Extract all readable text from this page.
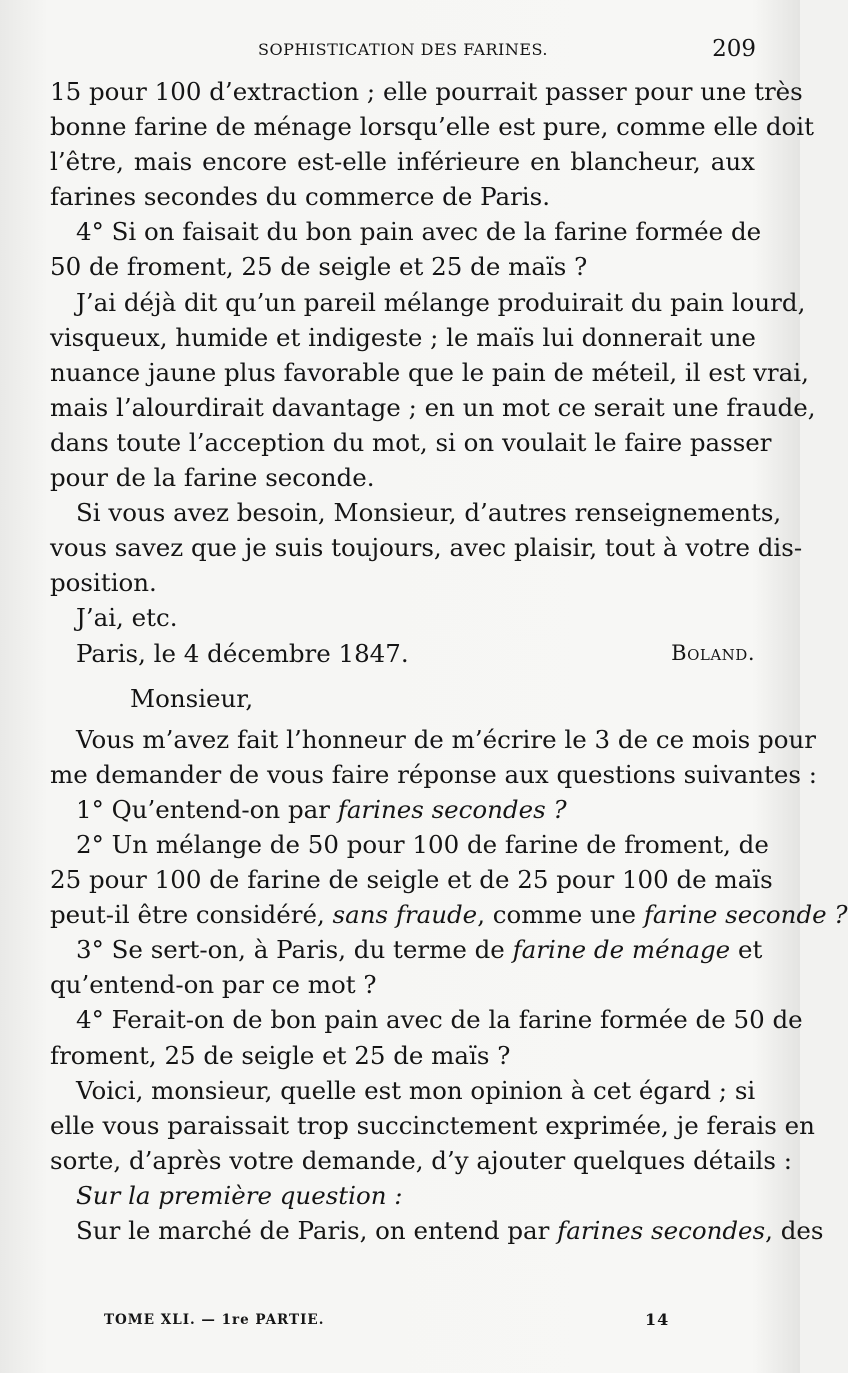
SOPHISTICATION DES FARINES.	209
15 pour 100 d’extraction ; elle pourrait passer pour une très
bonne farine de ménage lorsqu’elle est pure, comme elle doit
l’être, mais encore est-elle inférieure en blancheur, aux
farines secondes du commerce de Paris.
4° Si on faisait du bon pain avec de la farine formée de
50 de froment, 25 de seigle et 25 de maïs ?
J’ai déjà dit qu’un pareil mélange produirait du pain lourd,
visqueux, humide et indigeste ; le maïs lui donnerait une
nuance jaune plus favorable que le pain de méteil, il est vrai,
mais l’alourdirait davantage ; en un mot ce serait une fraude,
dans toute l’acception du mot, si on voulait le faire passer
pour de la farine seconde.
Si vous avez besoin, Monsieur, d’autres renseignements,
vous savez que je suis toujours, avec plaisir, tout à votre dis-
position.
J’ai, etc.
Paris, le 4 décembre 1847.	Boland.
Monsieur,
Vous m’avez fait l’honneur de m’écrire le 3 de ce mois pour
me demander de vous faire réponse aux questions suivantes :
1° Qu’entend-on par farines secondes ?
2° Un mélange de 50 pour 100 de farine de froment, de
25 pour 100 de farine de seigle et de 25 pour 100 de maïs
peut-il être considéré, sans fraude, comme une farine seconde ?
3° Se sert-on, à Paris, du terme de farine de ménage et
qu’entend-on par ce mot ?
4° Ferait-on de bon pain avec de la farine formée de 50 de
froment, 25 de seigle et 25 de maïs ?
Voici, monsieur, quelle est mon opinion à cet égard ; si
elle vous paraissait trop succinctement exprimée, je ferais en
sorte, d’après votre demande, d’y ajouter quelques détails :
Sur la première question :
Sur le marché de Paris, on entend par farines secondes, des
TOME XLI. — 1re PARTIE.	14
